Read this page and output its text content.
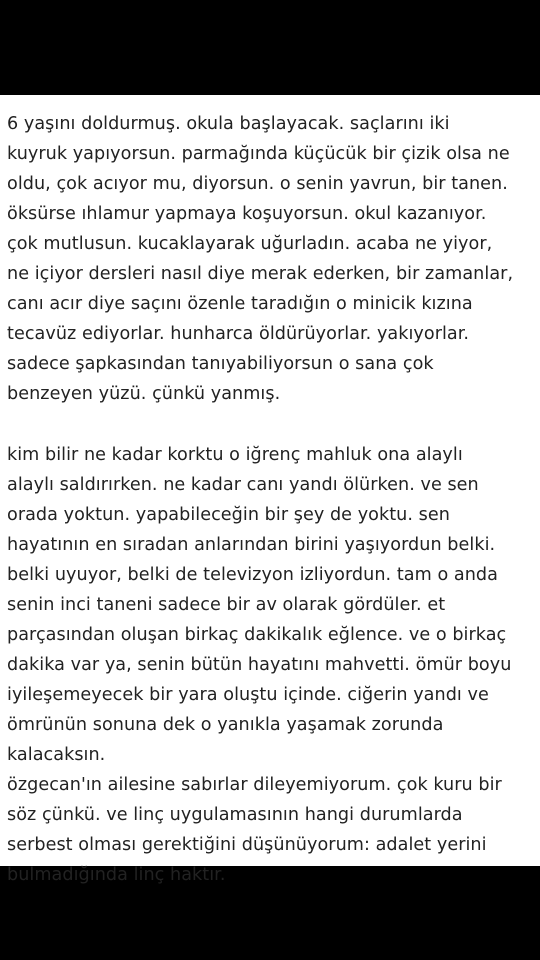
6 yaşını doldurmuş. okula başlayacak. saçlarını iki
kuyruk yapıyorsun. parmağında küçücük bir çizik olsa ne
oldu, çok acıyor mu, diyorsun. o senin yavrun, bir tanen.
öksürse ıhlamur yapmaya koşuyorsun. okul kazanıyor.
çok mutlusun. kucaklayarak uğurladın. acaba ne yiyor,
ne içiyor dersleri nasıl diye merak ederken, bir zamanlar,
canı acır diye saçını özenle taradığın o minicik kızına
tecavüz ediyorlar. hunharca öldürüyorlar. yakıyorlar.
sadece şapkasından tanıyabiliyorsun o sana çok
benzeyen yüzü. çünkü yanmış.
kim bilir ne kadar korktu o iğrenç mahluk ona alaylı
alaylı saldırırken. ne kadar canı yandı ölürken. ve sen
orada yoktun. yapabileceğin bir şey de yoktu. sen
hayatının en sıradan anlarından birini yaşıyordun belki.
belki uyuyor, belki de televizyon izliyordun. tam o anda
senin inci taneni sadece bir av olarak gördüler. et
parçasından oluşan birkaç dakikalık eğlence. ve o birkaç
dakika var ya, senin bütün hayatını mahvetti. ömür boyu
iyileşemeyecek bir yara oluştu içinde. ciğerin yandı ve
ömrünün sonuna dek o yanıkla yaşamak zorunda
kalacaksın.
özgecan'ın ailesine sabırlar dileyemiyorum. çok kuru bir
söz çünkü. ve linç uygulamasının hangi durumlarda
serbest olması gerektiğini düşünüyorum: adalet yerini
bulmadığında linç haktır.
